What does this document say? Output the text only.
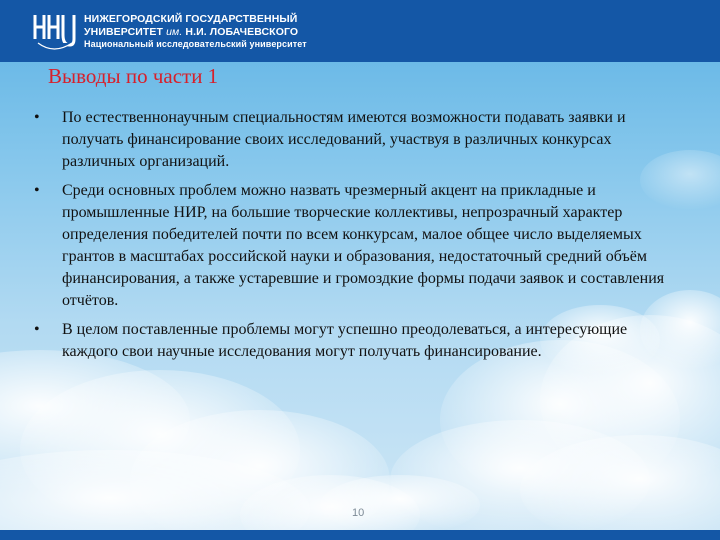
НИЖЕГОРОДСКИЙ ГОСУДАРСТВЕННЫЙ
УНИВЕРСИТЕТ им. Н.И. ЛОБАЧЕВСКОГО
Национальный исследовательский университет
Выводы по части 1
• По естественнонаучным специальностям имеются возможности подавать заявки и получать финансирование своих исследований, участвуя в различных конкурсах различных организаций.
• Среди основных проблем можно назвать чрезмерный акцент на прикладные и промышленные НИР, на большие творческие коллективы, непрозрачный характер определения победителей почти по всем конкурсам, малое общее число выделяемых грантов в масштабах российской науки и образования, недостаточный средний объём финансирования, а также устаревшие и громоздкие формы подачи заявок и составления отчётов.
• В целом поставленные проблемы могут успешно преодолеваться, а интересующие каждого свои научные исследования могут получать финансирование.
10
